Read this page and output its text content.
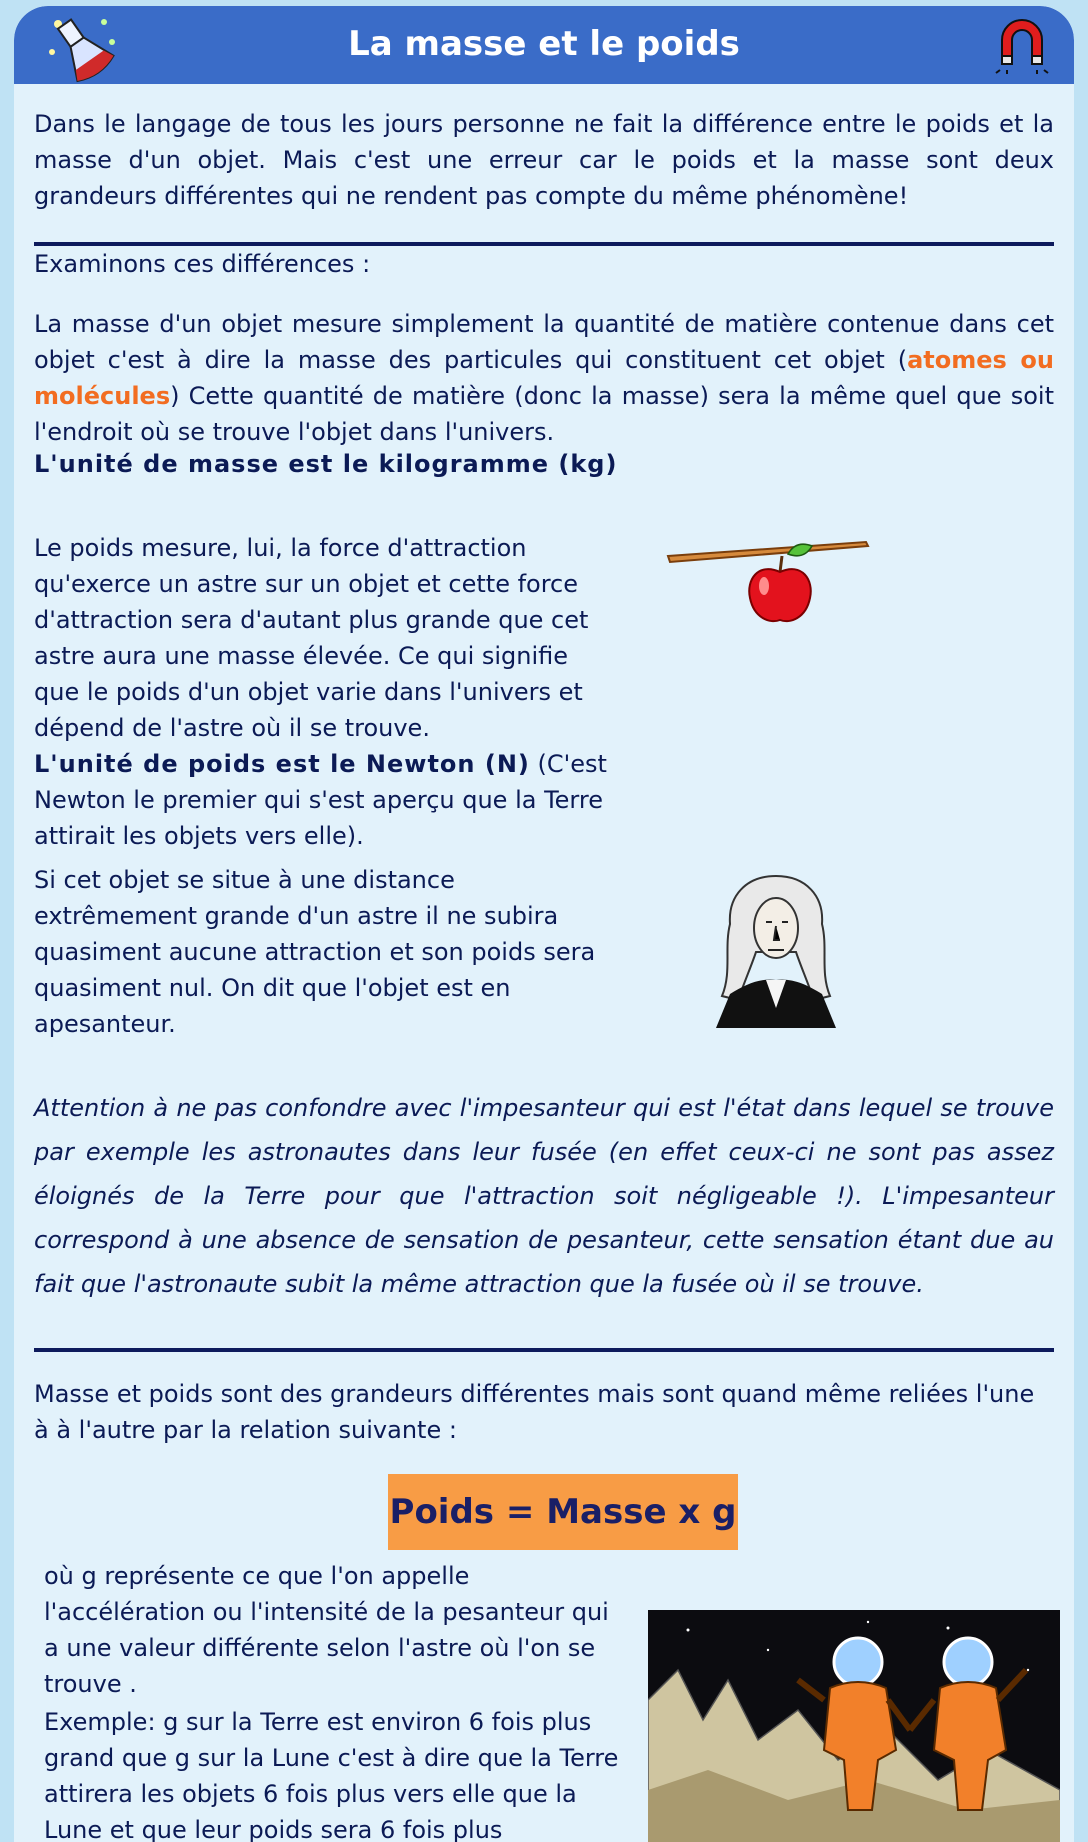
La masse et le poids

Dans le langage de tous les jours personne ne fait la différence entre le poids et la masse d'un objet. Mais c'est une erreur car le poids et la masse sont deux grandeurs différentes qui ne rendent pas compte du même phénomène!

Examinons ces différences :

La masse d'un objet mesure simplement la quantité de matière contenue dans cet objet c'est à dire la masse des particules qui constituent cet objet (atomes ou molécules) Cette quantité de matière (donc la masse) sera la même quel que soit l'endroit où se trouve l'objet dans l'univers.

L'unité de masse est le kilogramme (kg)

Le poids mesure, lui, la force d'attraction qu'exerce un astre sur un objet et cette force d'attraction sera d'autant plus grande que cet astre aura une masse élevée. Ce qui signifie que le poids d'un objet varie dans l'univers et dépend de l'astre où il se trouve.

L'unité de poids est le Newton (N) (C'est Newton le premier qui s'est aperçu que la Terre attirait les objets vers elle).

Si cet objet se situe à une distance extrêmement grande d'un astre il ne subira quasiment aucune attraction et son poids sera quasiment nul. On dit que l'objet est en apesanteur.

Attention à ne pas confondre avec l'impesanteur qui est l'état dans lequel se trouve par exemple les astronautes dans leur fusée (en effet ceux-ci ne sont pas assez éloignés de la Terre pour que l'attraction soit négligeable !). L'impesanteur correspond à une absence de sensation de pesanteur, cette sensation étant due au fait que l'astronaute subit la même attraction que la fusée où il se trouve.

Masse et poids sont des grandeurs différentes mais sont quand même reliées l'une à à l'autre par la relation suivante :

Poids = Masse x g

où g représente ce que l'on appelle l'accélération ou l'intensité de la pesanteur qui a une valeur différente selon l'astre où l'on se trouve .

Exemple: g sur la Terre est environ 6 fois plus grand que g sur la Lune c'est à dire que la Terre attirera les objets 6 fois plus vers elle que la Lune et que leur poids sera 6 fois plus
